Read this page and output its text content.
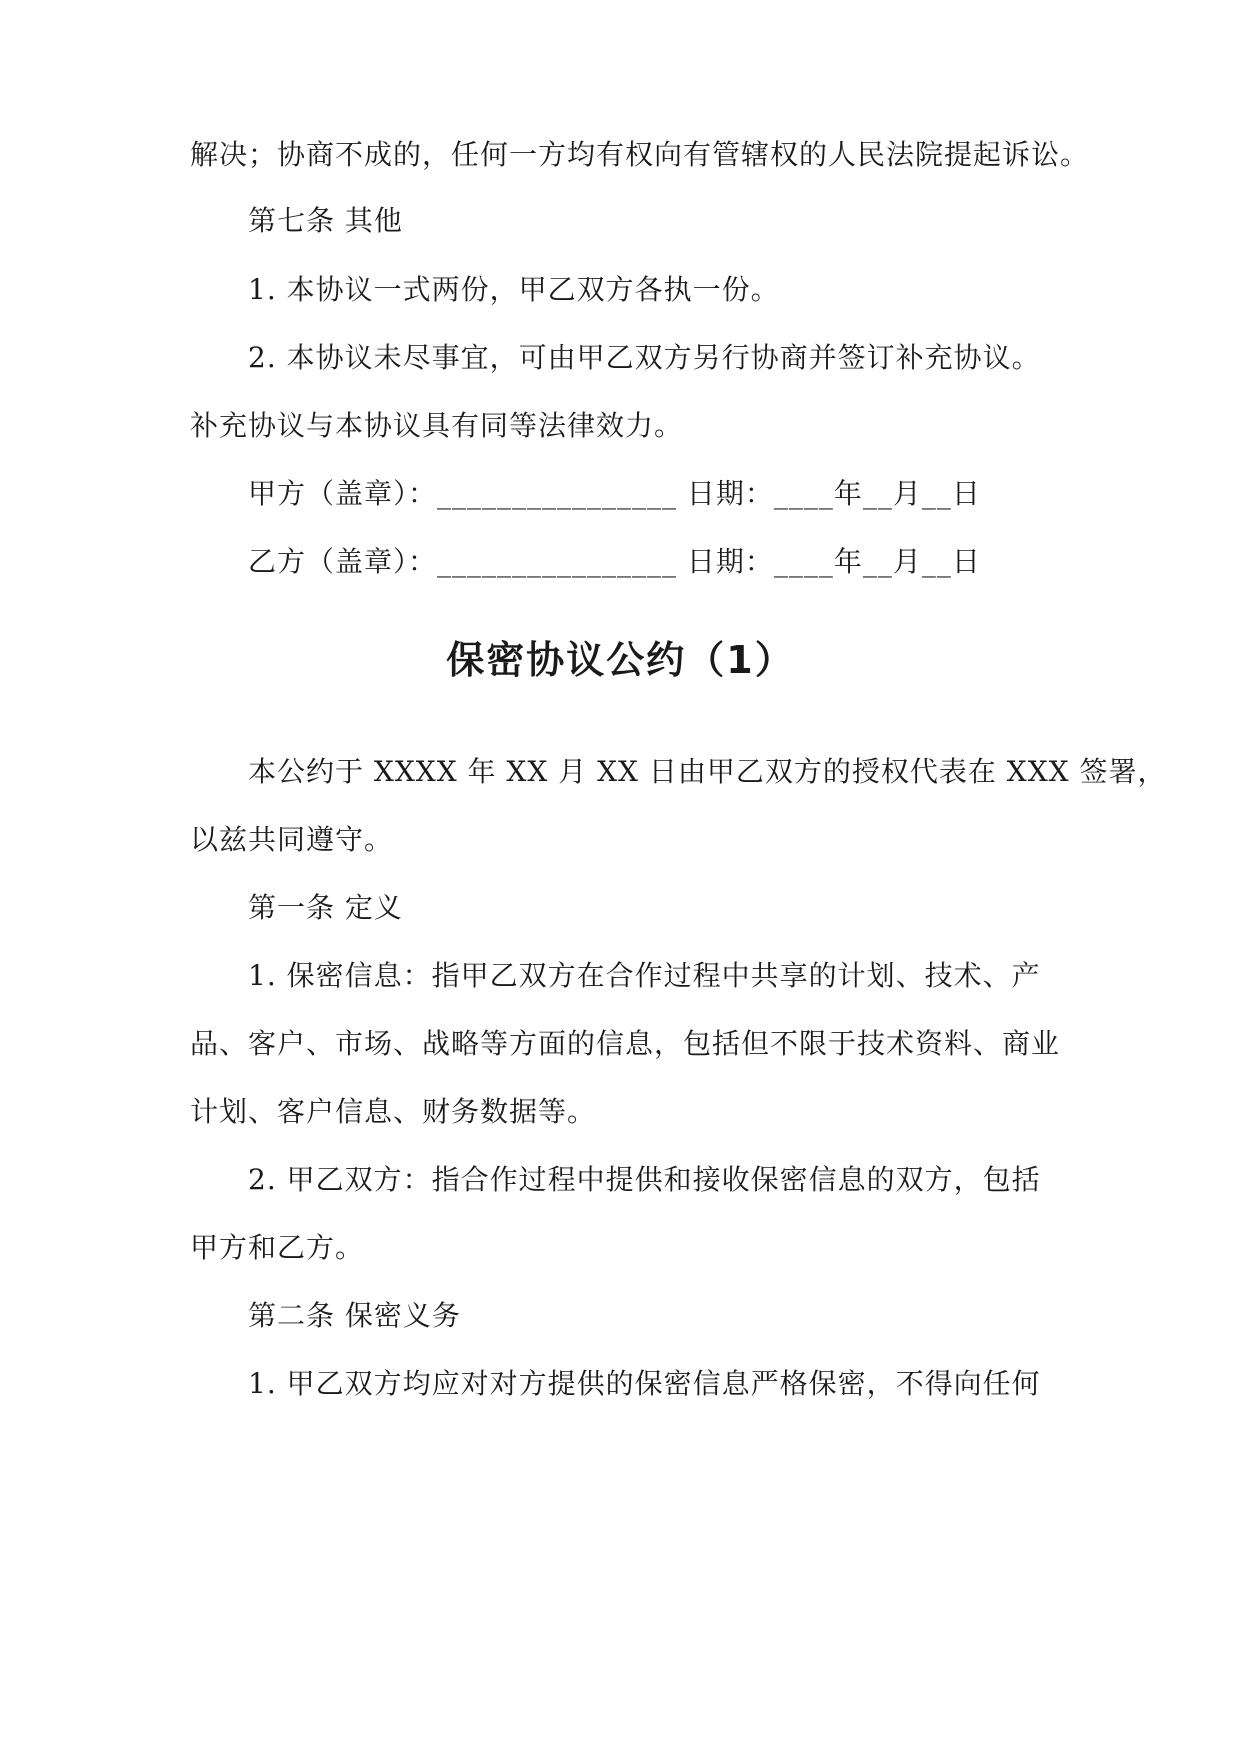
解决；协商不成的，任何一方均有权向有管辖权的人民法院提起诉讼。
第七条 其他
1. 本协议一式两份，甲乙双方各执一份。
2. 本协议未尽事宜，可由甲乙双方另行协商并签订补充协议。
补充协议与本协议具有同等法律效力。
甲方（盖章）：________________ 日期：____年__月__日
乙方（盖章）：________________ 日期：____年__月__日
保密协议公约（1）
本公约于 XXXX 年 XX 月 XX 日由甲乙双方的授权代表在 XXX 签署，
以兹共同遵守。
第一条 定义
1. 保密信息：指甲乙双方在合作过程中共享的计划、技术、产
品、客户、市场、战略等方面的信息，包括但不限于技术资料、商业
计划、客户信息、财务数据等。
2. 甲乙双方：指合作过程中提供和接收保密信息的双方，包括
甲方和乙方。
第二条 保密义务
1. 甲乙双方均应对对方提供的保密信息严格保密，不得向任何
